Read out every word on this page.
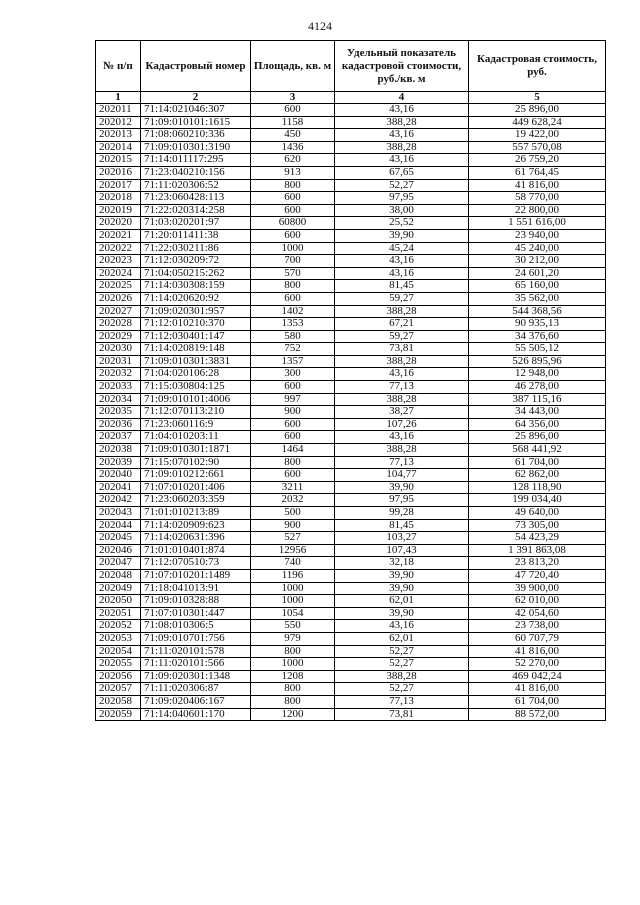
4124
№ п/п	Кадастровый номер	Площадь, кв. м	Удельный показатель кадастровой стоимости, руб./кв. м	Кадастровая стоимость, руб.
1	2	3	4	5
202011	71:14:021046:307	600	43,16	25 896,00
202012	71:09:010101:1615	1158	388,28	449 628,24
202013	71:08:060210:336	450	43,16	19 422,00
202014	71:09:010301:3190	1436	388,28	557 570,08
202015	71:14:011117:295	620	43,16	26 759,20
202016	71:23:040210:156	913	67,65	61 764,45
202017	71:11:020306:52	800	52,27	41 816,00
202018	71:23:060428:113	600	97,95	58 770,00
202019	71:22:020314:258	600	38,00	22 800,00
202020	71:03:020201:97	60800	25,52	1 551 616,00
202021	71:20:011411:38	600	39,90	23 940,00
202022	71:22:030211:86	1000	45,24	45 240,00
202023	71:12:030209:72	700	43,16	30 212,00
202024	71:04:050215:262	570	43,16	24 601,20
202025	71:14:030308:159	800	81,45	65 160,00
202026	71:14:020620:92	600	59,27	35 562,00
202027	71:09:020301:957	1402	388,28	544 368,56
202028	71:12:010210:370	1353	67,21	90 935,13
202029	71:12:030401:147	580	59,27	34 376,60
202030	71:14:020819:148	752	73,81	55 505,12
202031	71:09:010301:3831	1357	388,28	526 895,96
202032	71:04:020106:28	300	43,16	12 948,00
202033	71:15:030804:125	600	77,13	46 278,00
202034	71:09:010101:4006	997	388,28	387 115,16
202035	71:12:070113:210	900	38,27	34 443,00
202036	71:23:060116:9	600	107,26	64 356,00
202037	71:04:010203:11	600	43,16	25 896,00
202038	71:09:010301:1871	1464	388,28	568 441,92
202039	71:15:070102:90	800	77,13	61 704,00
202040	71:09:010212:661	600	104,77	62 862,00
202041	71:07:010201:406	3211	39,90	128 118,90
202042	71:23:060203:359	2032	97,95	199 034,40
202043	71:01:010213:89	500	99,28	49 640,00
202044	71:14:020909:623	900	81,45	73 305,00
202045	71:14:020631:396	527	103,27	54 423,29
202046	71:01:010401:874	12956	107,43	1 391 863,08
202047	71:12:070510:73	740	32,18	23 813,20
202048	71:07:010201:1489	1196	39,90	47 720,40
202049	71:18:041013:91	1000	39,90	39 900,00
202050	71:09:010328:88	1000	62,01	62 010,00
202051	71:07:010301:447	1054	39,90	42 054,60
202052	71:08:010306:5	550	43,16	23 738,00
202053	71:09:010701:756	979	62,01	60 707,79
202054	71:11:020101:578	800	52,27	41 816,00
202055	71:11:020101:566	1000	52,27	52 270,00
202056	71:09:020301:1348	1208	388,28	469 042,24
202057	71:11:020306:87	800	52,27	41 816,00
202058	71:09:020406:167	800	77,13	61 704,00
202059	71:14:040601:170	1200	73,81	88 572,00
